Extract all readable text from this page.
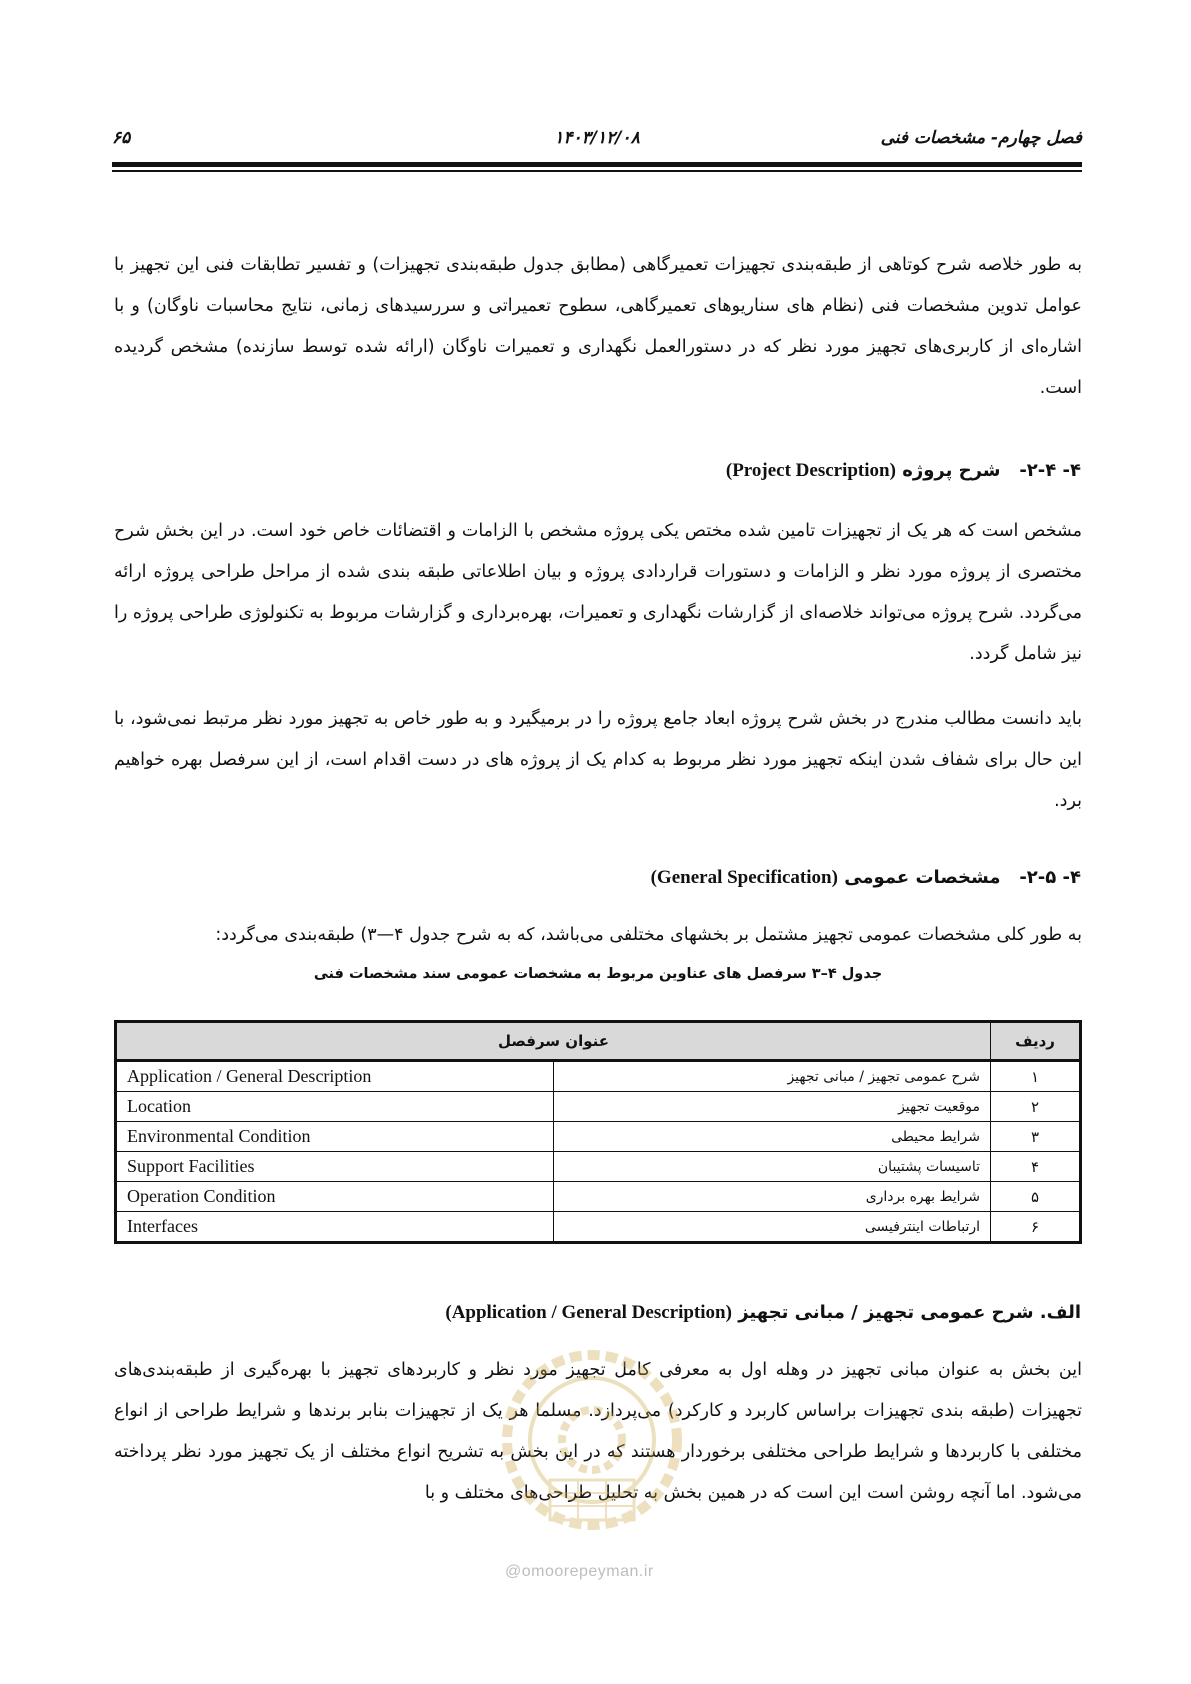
فصل چهارم- مشخصات فنی
۱۴۰۳/۱۲/۰۸
۶۵
به طور خلاصه شرح کوتاهی از طبقه‌بندی تجهیزات تعمیرگاهی (مطابق جدول طبقه‌بندی تجهیزات) و تفسیر تطابقات فنی این تجهیز با عوامل تدوین مشخصات فنی (نظام های سناریوهای تعمیرگاهی، سطوح تعمیراتی و سررسیدهای زمانی، نتایج محاسبات ناوگان) و با اشاره‌ای از کاربری‌های تجهیز مورد نظر که در دستورالعمل نگهداری و تعمیرات ناوگان (ارائه شده توسط سازنده) مشخص گردیده است.
۴- ۲-۴-   شرح پروژه (Project Description)
مشخص است که هر یک از تجهیزات تامین شده مختص یکی پروژه مشخص با الزامات و اقتضائات خاص خود است. در این بخش شرح مختصری از پروژه مورد نظر و الزامات و دستورات قراردادی پروژه و بیان اطلاعاتی طبقه بندی شده از مراحل طراحی پروژه ارائه می‌گردد. شرح پروژه می‌تواند خلاصه‌ای از گزارشات نگهداری و تعمیرات، بهره‌برداری و گزارشات مربوط به تکنولوژی طراحی پروژه را نیز شامل گردد.
باید دانست مطالب مندرج در بخش شرح پروژه ابعاد جامع پروژه را در برمیگیرد و به طور خاص به تجهیز مورد نظر مرتبط نمی‌شود، با این حال برای شفاف شدن اینکه تجهیز مورد نظر مربوط به کدام یک از پروژه های در دست اقدام است، از این سرفصل بهره خواهیم برد.
۴- ۲-۵-   مشخصات عمومی (General Specification)
به طور کلی مشخصات عمومی تجهیز مشتمل بر بخشهای مختلفی می‌باشد، که به شرح جدول ۴—۳) طبقه‌بندی می‌گردد:
جدول ۴–۳ سرفصل های عناوین مربوط به مشخصات عمومی سند مشخصات فنی
عنوان سرفصل		ردیف
Application / General Description	شرح عمومی تجهیز / مبانی تجهیز	۱
Location	موقعیت تجهیز	۲
Environmental Condition	شرایط محیطی	۳
Support Facilities	تاسیسات پشتیبان	۴
Operation Condition	شرایط بهره برداری	۵
Interfaces	ارتباطات اینترفیسی	۶
الف. شرح عمومی تجهیز / مبانی تجهیز (Application / General Description)
این بخش به عنوان مبانی تجهیز در وهله اول به معرفی کامل تجهیز مورد نظر و کاربردهای تجهیز با بهره‌گیری از طبقه‌بندی‌های تجهیزات (طبقه بندی تجهیزات براساس کاربرد و کارکرد) می‌پردازد. مسلما هر یک از تجهیزات بنابر برندها و شرایط طراحی از انواع مختلفی با کاربردها و شرایط طراحی مختلفی برخوردار هستند که در این بخش به تشریح انواع مختلف از یک تجهیز مورد نظر پرداخته می‌شود. اما آنچه روشن است این است که در همین بخش به تحلیل طراحی‌های مختلف و با
@omoorepeyman.ir
